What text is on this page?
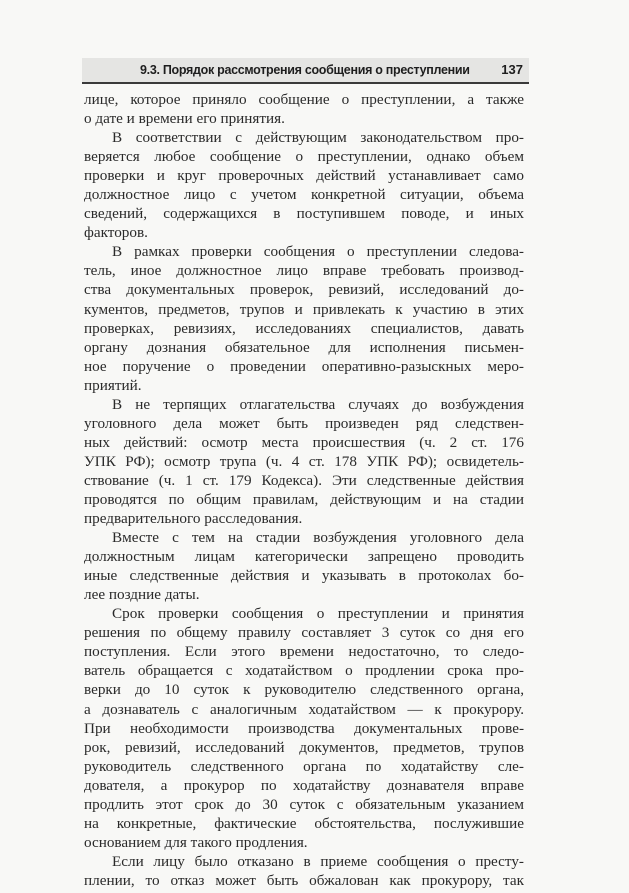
9.3. Порядок рассмотрения сообщения о преступлении 137
лице, которое приняло сообщение о преступлении, а также
о дате и времени его принятия.
В соответствии с действующим законодательством про-
веряется любое сообщение о преступлении, однако объем
проверки и круг проверочных действий устанавливает само
должностное лицо с учетом конкретной ситуации, объема
сведений, содержащихся в поступившем поводе, и иных
факторов.
В рамках проверки сообщения о преступлении следова-
тель, иное должностное лицо вправе требовать производ-
ства документальных проверок, ревизий, исследований до-
кументов, предметов, трупов и привлекать к участию в этих
проверках, ревизиях, исследованиях специалистов, давать
органу дознания обязательное для исполнения письмен-
ное поручение о проведении оперативно-разыскных меро-
приятий.
В не терпящих отлагательства случаях до возбуждения
уголовного дела может быть произведен ряд следствен-
ных действий: осмотр места происшествия (ч. 2 ст. 176
УПК РФ); осмотр трупа (ч. 4 ст. 178 УПК РФ); освидетель-
ствование (ч. 1 ст. 179 Кодекса). Эти следственные действия
проводятся по общим правилам, действующим и на стадии
предварительного расследования.
Вместе с тем на стадии возбуждения уголовного дела
должностным лицам категорически запрещено проводить
иные следственные действия и указывать в протоколах бо-
лее поздние даты.
Срок проверки сообщения о преступлении и принятия
решения по общему правилу составляет 3 суток со дня его
поступления. Если этого времени недостаточно, то следо-
ватель обращается с ходатайством о продлении срока про-
верки до 10 суток к руководителю следственного органа,
а дознаватель с аналогичным ходатайством — к прокурору.
При необходимости производства документальных прове-
рок, ревизий, исследований документов, предметов, трупов
руководитель следственного органа по ходатайству сле-
дователя, а прокурор по ходатайству дознавателя вправе
продлить этот срок до 30 суток с обязательным указанием
на конкретные, фактические обстоятельства, послужившие
основанием для такого продления.
Если лицу было отказано в приеме сообщения о престу-
плении, то отказ может быть обжалован как прокурору, так
